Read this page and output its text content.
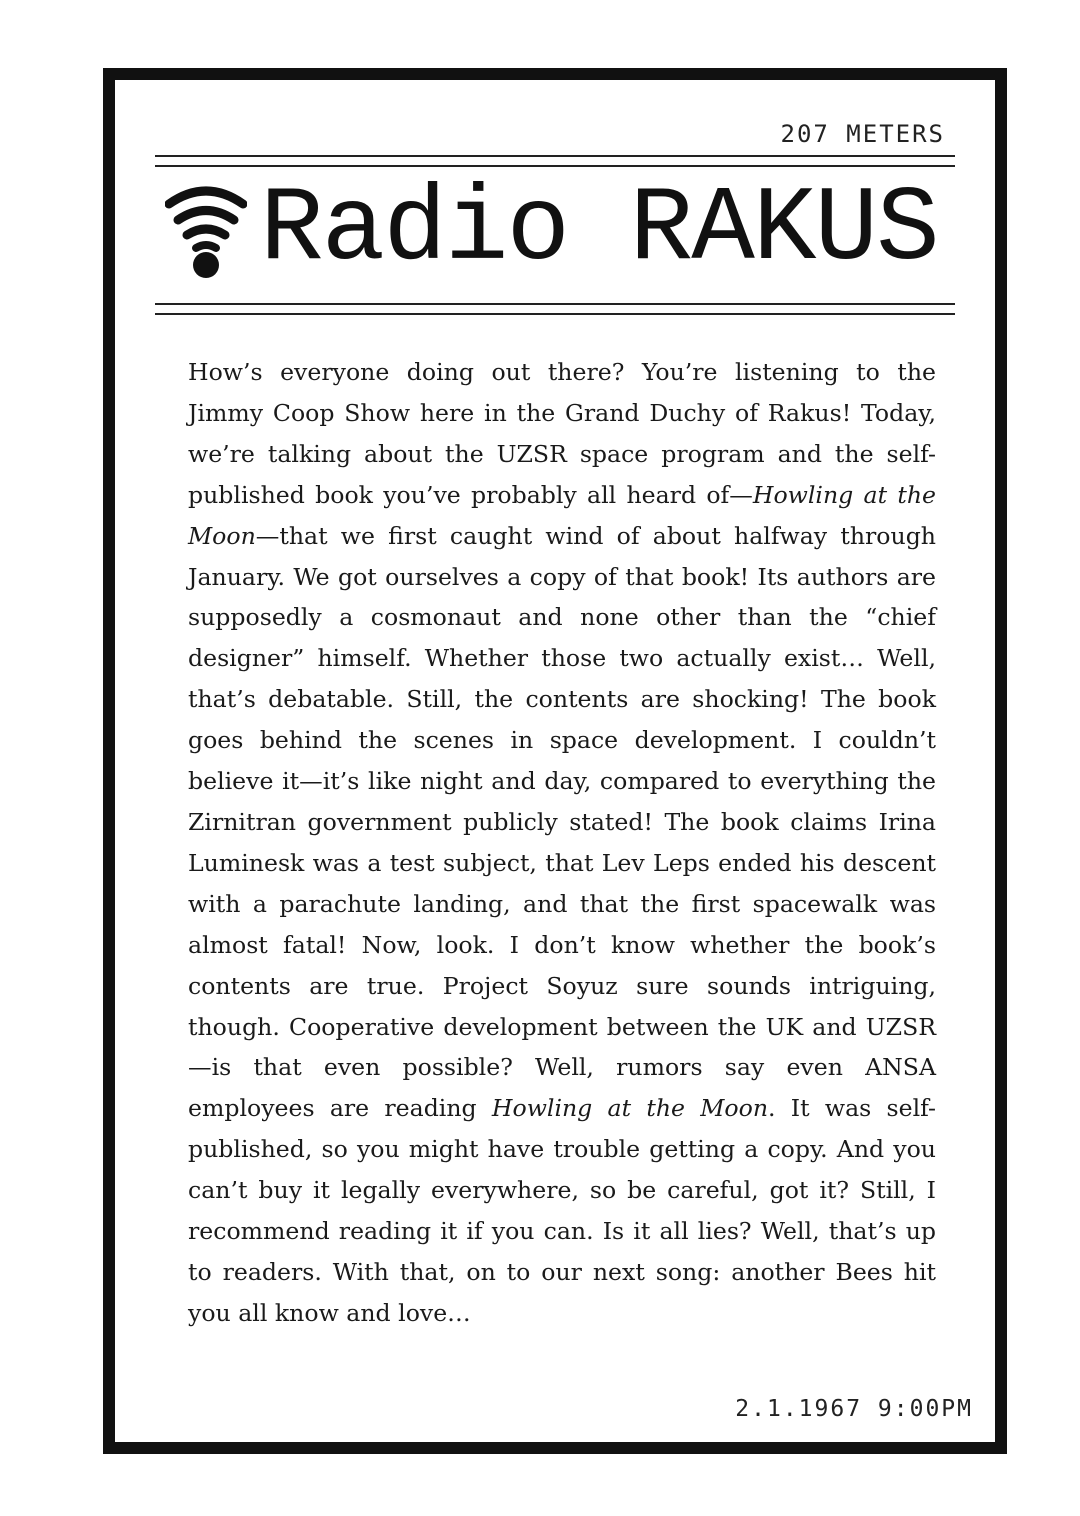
207 METERS
Radio RAKUS
How’s everyone doing out there? You’re listening to the Jimmy Coop Show here in the Grand Duchy of Rakus! Today, we’re talking about the UZSR space program and the self-published book you’ve probably all heard of—Howling at the Moon—that we first caught wind of about halfway through January. We got ourselves a copy of that book! Its authors are supposedly a cosmonaut and none other than the “chief designer” himself. Whether those two actually exist… Well, that’s debatable. Still, the contents are shocking! The book goes behind the scenes in space development. I couldn’t believe it—it’s like night and day, compared to everything the Zirnitran government publicly stated! The book claims Irina Luminesk was a test subject, that Lev Leps ended his descent with a parachute landing, and that the first spacewalk was almost fatal! Now, look. I don’t know whether the book’s contents are true. Project Soyuz sure sounds intriguing, though. Cooperative development between the UK and UZSR—is that even possible? Well, rumors say even ANSA employees are reading Howling at the Moon. It was self-published, so you might have trouble getting a copy. And you can’t buy it legally everywhere, so be careful, got it? Still, I recommend reading it if you can. Is it all lies? Well, that’s up to readers. With that, on to our next song: another Bees hit you all know and love…
2.1.1967 9:00PM
